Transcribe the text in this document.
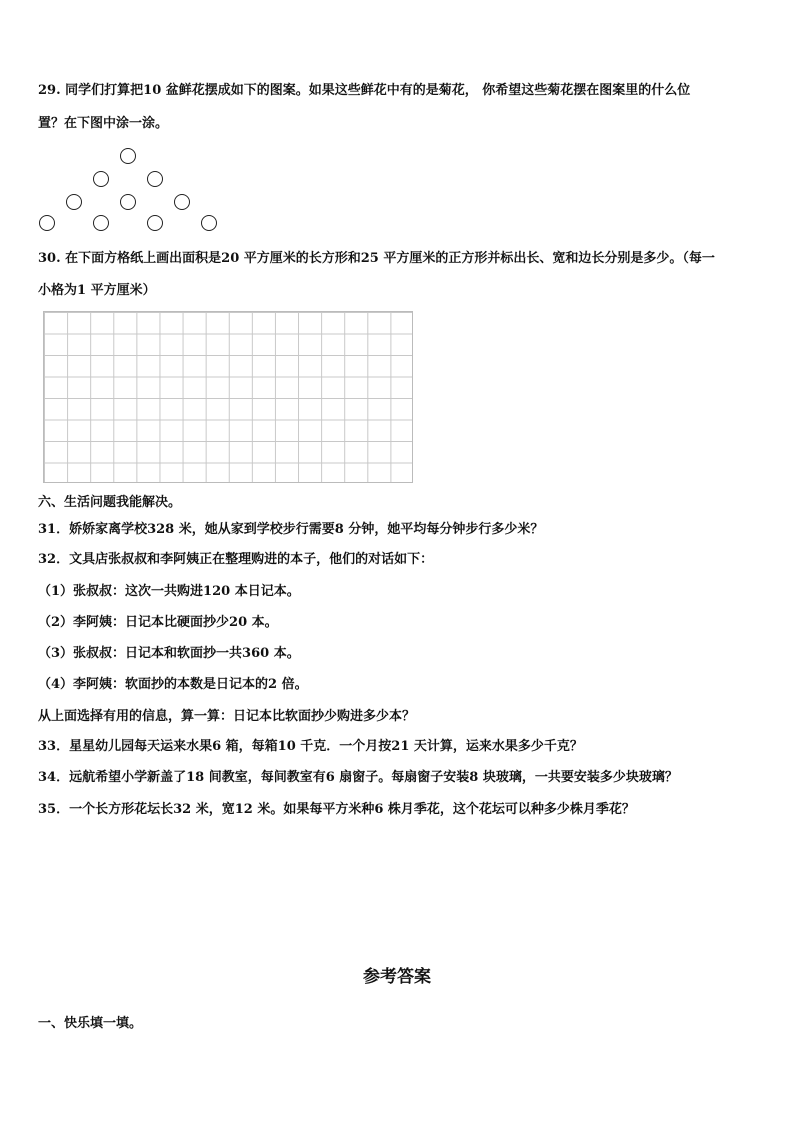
29. 同学们打算把10 盆鲜花摆成如下的图案。如果这些鲜花中有的是菊花， 你希望这些菊花摆在图案里的什么位
置？在下图中涂一涂。
30. 在下面方格纸上画出面积是20 平方厘米的长方形和25 平方厘米的正方形并标出长、宽和边长分别是多少。（每一
小格为1 平方厘米）
六、生活问题我能解决。
31．娇娇家离学校328 米，她从家到学校步行需要8 分钟，她平均每分钟步行多少米？
32．文具店张叔叔和李阿姨正在整理购进的本子，他们的对话如下：
（1）张叔叔：这次一共购进120 本日记本。
（2）李阿姨：日记本比硬面抄少20 本。
（3）张叔叔：日记本和软面抄一共360 本。
（4）李阿姨：软面抄的本数是日记本的2 倍。
从上面选择有用的信息，算一算：日记本比软面抄少购进多少本？
33．星星幼儿园每天运来水果6 箱，每箱10 千克．一个月按21 天计算，运来水果多少千克？
34．远航希望小学新盖了18 间教室，每间教室有6 扇窗子。每扇窗子安装8 块玻璃，一共要安装多少块玻璃？
35．一个长方形花坛长32 米，宽12 米。如果每平方米种6 株月季花，这个花坛可以种多少株月季花？
参考答案
一、快乐填一填。
